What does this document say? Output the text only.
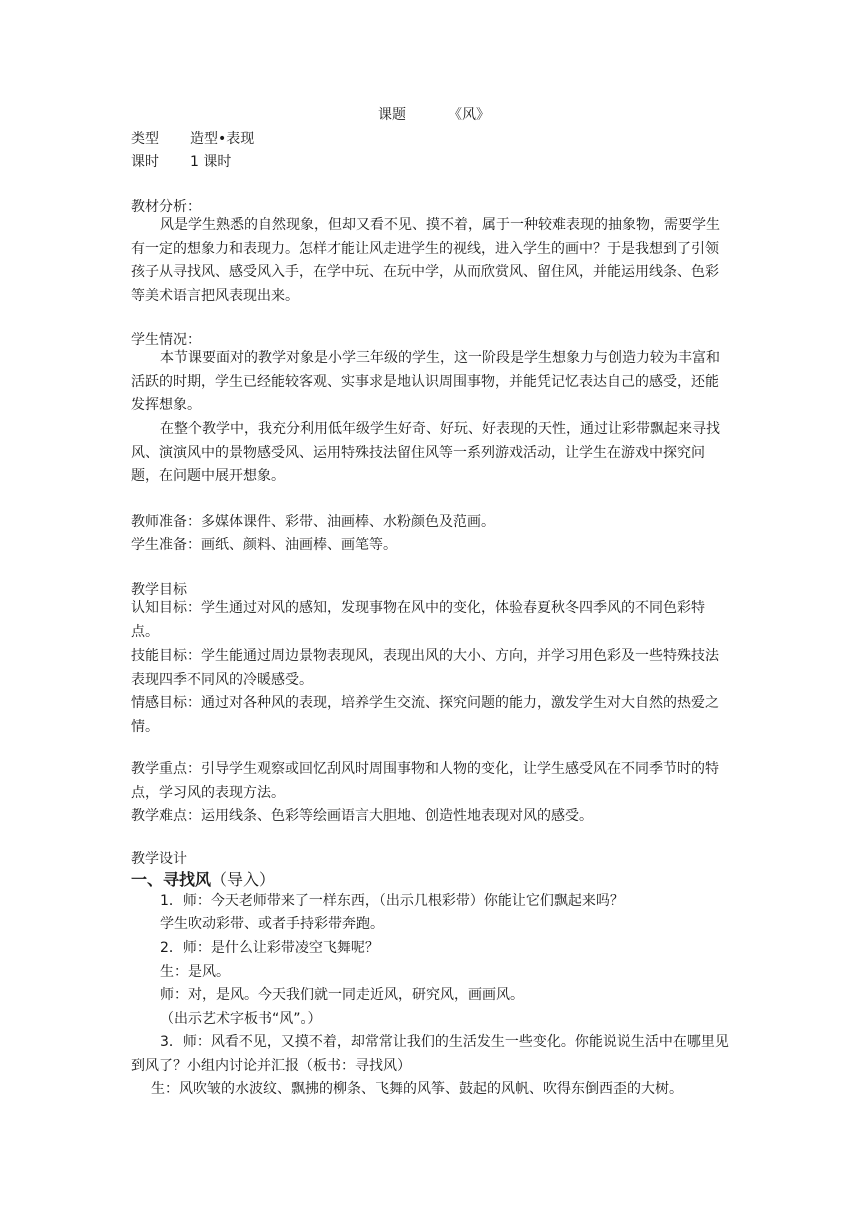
课题	《风》
类型 造型•表现
课时 1 课时
教材分析：
风是学生熟悉的自然现象，但却又看不见、摸不着，属于一种较难表现的抽象物，需要学生有一定的想象力和表现力。怎样才能让风走进学生的视线，进入学生的画中？于是我想到了引领孩子从寻找风、感受风入手，在学中玩、在玩中学，从而欣赏风、留住风，并能运用线条、色彩等美术语言把风表现出来。
学生情况：
本节课要面对的教学对象是小学三年级的学生，这一阶段是学生想象力与创造力较为丰富和活跃的时期，学生已经能较客观、实事求是地认识周围事物，并能凭记忆表达自己的感受，还能发挥想象。
在整个教学中，我充分利用低年级学生好奇、好玩、好表现的天性，通过让彩带飘起来寻找风、演演风中的景物感受风、运用特殊技法留住风等一系列游戏活动，让学生在游戏中探究问题，在问题中展开想象。
教师准备：多媒体课件、彩带、油画棒、水粉颜色及范画。
学生准备：画纸、颜料、油画棒、画笔等。
教学目标
认知目标：学生通过对风的感知，发现事物在风中的变化，体验春夏秋冬四季风的不同色彩特点。
技能目标：学生能通过周边景物表现风，表现出风的大小、方向，并学习用色彩及一些特殊技法表现四季不同风的冷暖感受。
情感目标：通过对各种风的表现，培养学生交流、探究问题的能力，激发学生对大自然的热爱之情。
教学重点：引导学生观察或回忆刮风时周围事物和人物的变化，让学生感受风在不同季节时的特点，学习风的表现方法。
教学难点：运用线条、色彩等绘画语言大胆地、创造性地表现对风的感受。
教学设计
一、寻找风（导入）
1．师：今天老师带来了一样东西，（出示几根彩带）你能让它们飘起来吗？
学生吹动彩带、或者手持彩带奔跑。
2．师：是什么让彩带凌空飞舞呢？
生：是风。
师：对，是风。今天我们就一同走近风，研究风，画画风。
（出示艺术字板书“风”。）
3．师：风看不见，又摸不着，却常常让我们的生活发生一些变化。你能说说生活中在哪里见到风了？小组内讨论并汇报（板书：寻找风）
生：风吹皱的水波纹、飘拂的柳条、飞舞的风筝、鼓起的风帆、吹得东倒西歪的大树。
